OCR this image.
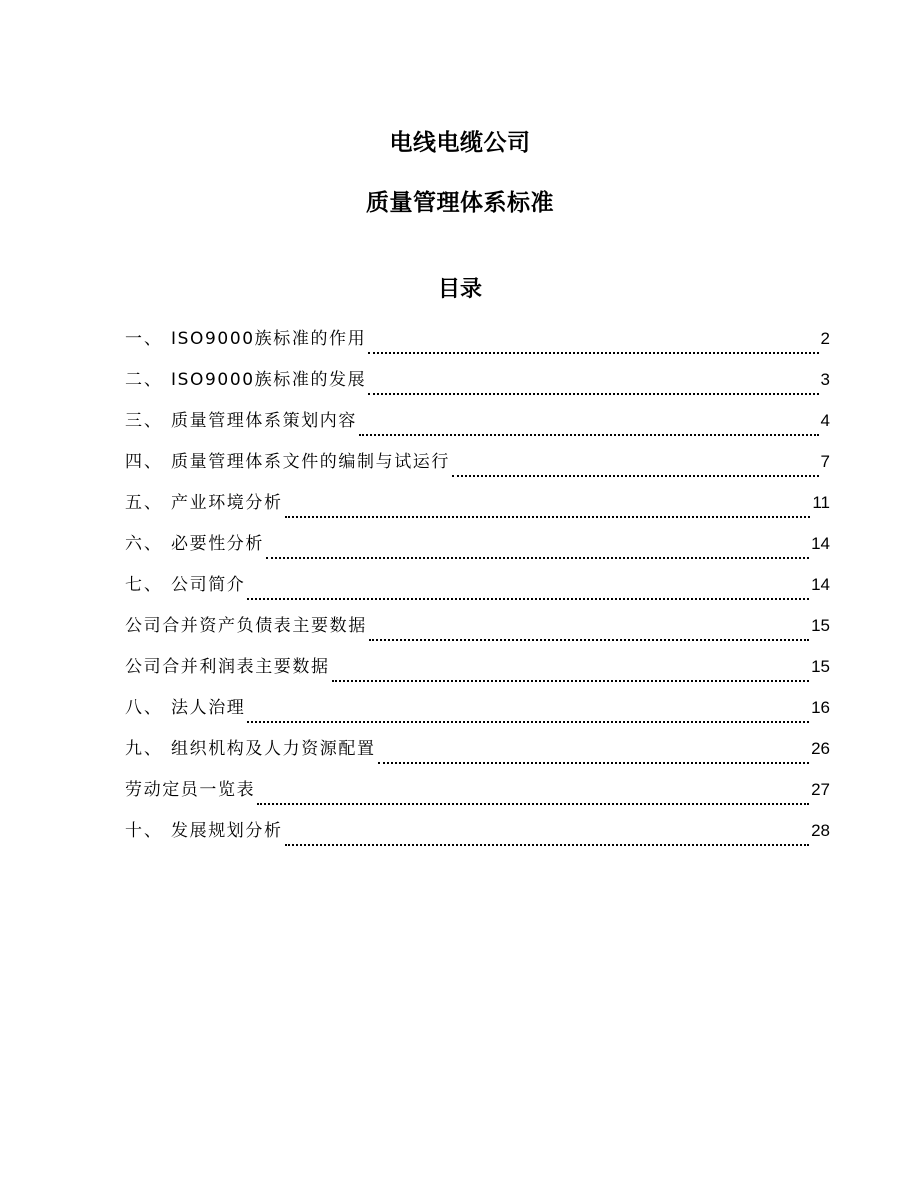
电线电缆公司
质量管理体系标准
目录
一、 ISO9000族标准的作用	2
二、 ISO9000族标准的发展	3
三、 质量管理体系策划内容	4
四、 质量管理体系文件的编制与试运行	7
五、 产业环境分析	11
六、 必要性分析	14
七、 公司简介	14
公司合并资产负债表主要数据	15
公司合并利润表主要数据	15
八、 法人治理	16
九、 组织机构及人力资源配置	26
劳动定员一览表	27
十、 发展规划分析	28
